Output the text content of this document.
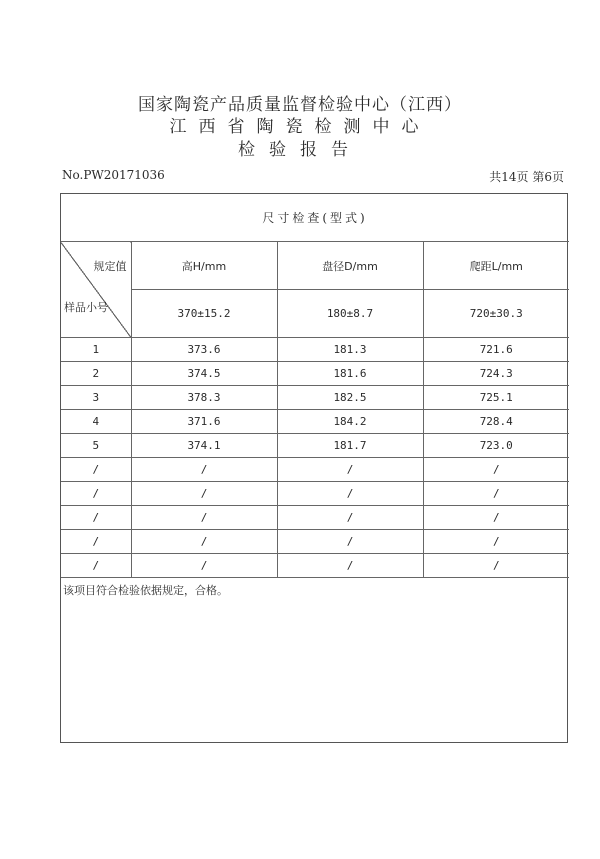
国家陶瓷产品质量监督检验中心（江西）
江西省陶瓷检测中心
检验报告
No.PW20171036	共14页 第6页
尺寸检查(型式)			

规定值
样品小号	高H/mm	盘径D/mm	爬距L/mm
	370±15.2	180±8.7	720±30.3
1	373.6	181.3	721.6
2	374.5	181.6	724.3
3	378.3	182.5	725.1
4	371.6	184.2	728.4
5	374.1	181.7	723.0
/	/	/	/
/	/	/	/
/	/	/	/
/	/	/	/
/	/	/	/
该项目符合检验依据规定，合格。
